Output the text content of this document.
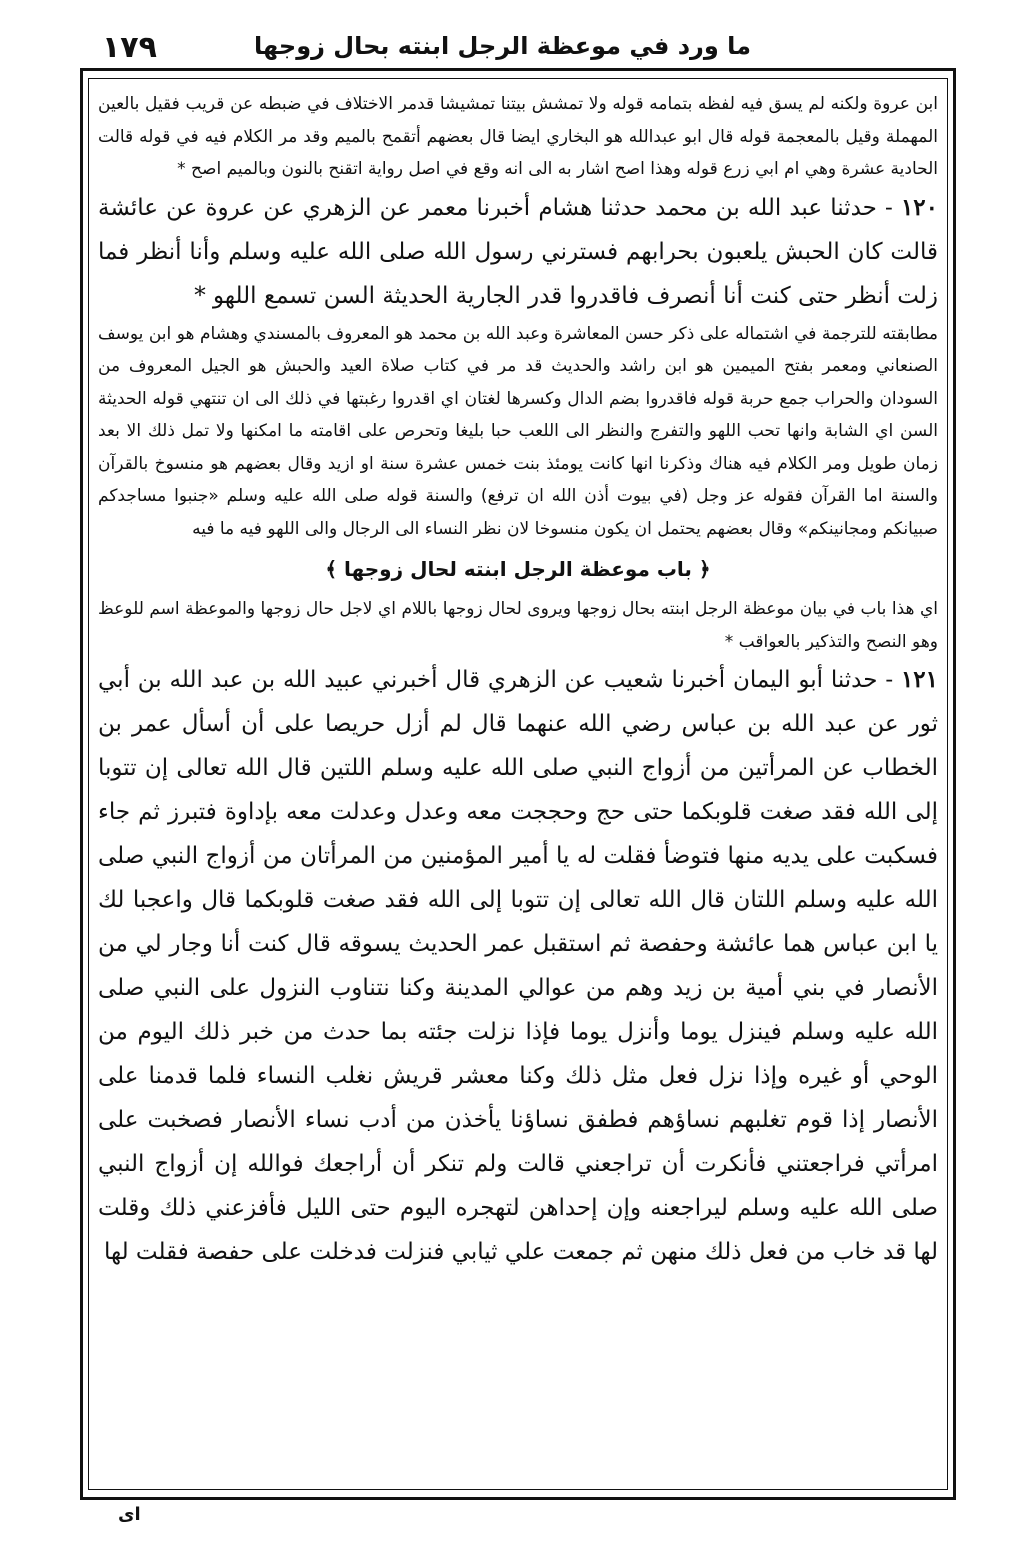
١٧٩	ما ورد في موعظة الرجل ابنته بحال زوجها

ابن عروة ولكنه لم يسق فيه لفظه بتمامه قوله ولا تمشش بيتنا تمشيشا قدمر الاختلاف في ضبطه عن قريب فقيل بالعين المهملة وقيل بالمعجمة قوله قال ابو عبدالله هو البخاري ايضا قال بعضهم أتقمح بالميم وقد مر الكلام فيه في قوله قالت الحادية عشرة وهي ام ابي زرع قوله وهذا اصح اشار به الى انه وقع في اصل رواية اتقنح بالنون وبالميم اصح *

١٢٠ - حدثنا عبد الله بن محمد حدثنا هشام أخبرنا معمر عن الزهري عن عروة عن عائشة قالت كان الحبش يلعبون بحرابهم فسترني رسول الله صلى الله عليه وسلم وأنا أنظر فما زلت أنظر حتى كنت أنا أنصرف فاقدروا قدر الجارية الحديثة السن تسمع اللهو *

مطابقته للترجمة في اشتماله على ذكر حسن المعاشرة وعبد الله بن محمد هو المعروف بالمسندي وهشام هو ابن يوسف الصنعاني ومعمر بفتح الميمين هو ابن راشد والحديث قد مر في كتاب صلاة العيد والحبش هو الجيل المعروف من السودان والحراب جمع حربة قوله فاقدروا بضم الدال وكسرها لغتان اي اقدروا رغبتها في ذلك الى ان تنتهي قوله الحديثة السن اي الشابة وانها تحب اللهو والتفرج والنظر الى اللعب حبا بليغا وتحرص على اقامته ما امكنها ولا تمل ذلك الا بعد زمان طويل ومر الكلام فيه هناك وذكرنا انها كانت يومئذ بنت خمس عشرة سنة او ازيد وقال بعضهم هو منسوخ بالقرآن والسنة اما القرآن فقوله عز وجل (في بيوت أذن الله ان ترفع) والسنة قوله صلى الله عليه وسلم «جنبوا مساجدكم صبيانكم ومجانينكم» وقال بعضهم يحتمل ان يكون منسوخا لان نظر النساء الى الرجال والى اللهو فيه ما فيه

﴿ باب موعظة الرجل ابنته لحال زوجها ﴾

اي هذا باب في بيان موعظة الرجل ابنته بحال زوجها ويروى لحال زوجها باللام اي لاجل حال زوجها والموعظة اسم للوعظ وهو النصح والتذكير بالعواقب *

١٢١ - حدثنا أبو اليمان أخبرنا شعيب عن الزهري قال أخبرني عبيد الله بن عبد الله بن أبي ثور عن عبد الله بن عباس رضي الله عنهما قال لم أزل حريصا على أن أسأل عمر بن الخطاب عن المرأتين من أزواج النبي صلى الله عليه وسلم اللتين قال الله تعالى إن تتوبا إلى الله فقد صغت قلوبكما حتى حج وحججت معه وعدل وعدلت معه بإداوة فتبرز ثم جاء فسكبت على يديه منها فتوضأ فقلت له يا أمير المؤمنين من المرأتان من أزواج النبي صلى الله عليه وسلم اللتان قال الله تعالى إن تتوبا إلى الله فقد صغت قلوبكما قال واعجبا لك يا ابن عباس هما عائشة وحفصة ثم استقبل عمر الحديث يسوقه قال كنت أنا وجار لي من الأنصار في بني أمية بن زيد وهم من عوالي المدينة وكنا نتناوب النزول على النبي صلى الله عليه وسلم فينزل يوما وأنزل يوما فإذا نزلت جئته بما حدث من خبر ذلك اليوم من الوحي أو غيره وإذا نزل فعل مثل ذلك وكنا معشر قريش نغلب النساء فلما قدمنا على الأنصار إذا قوم تغلبهم نساؤهم فطفق نساؤنا يأخذن من أدب نساء الأنصار فصخبت على امرأتي فراجعتني فأنكرت أن تراجعني قالت ولم تنكر أن أراجعك فوالله إن أزواج النبي صلى الله عليه وسلم ليراجعنه وإن إحداهن لتهجره اليوم حتى الليل فأفزعني ذلك وقلت لها قد خاب من فعل ذلك منهن ثم جمعت علي ثيابي فنزلت فدخلت على حفصة فقلت لها

اى
